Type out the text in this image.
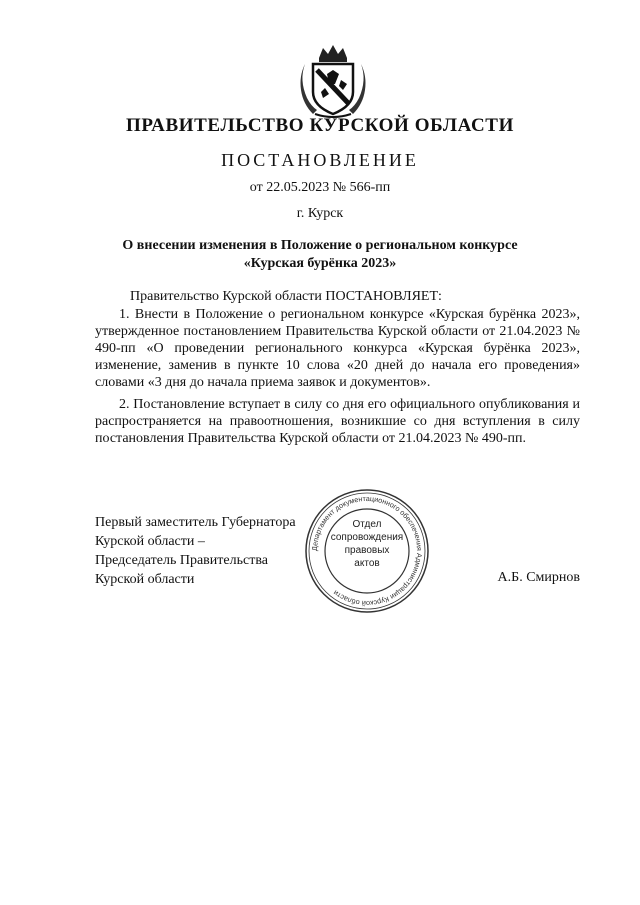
ПРАВИТЕЛЬСТВО КУРСКОЙ ОБЛАСТИ
ПОСТАНОВЛЕНИЕ
от 22.05.2023 № 566-пп
г. Курск
О внесении изменения в Положение о региональном конкурсе
«Курская бурёнка 2023»
Правительство Курской области ПОСТАНОВЛЯЕТ:
1. Внести в Положение о региональном конкурсе «Курская бурёнка 2023», утвержденное постановлением Правительства Курской области от 21.04.2023 № 490-пп «О проведении регионального конкурса «Курская бурёнка 2023», изменение, заменив в пункте 10 слова «20 дней до начала его проведения» словами «3 дня до начала приема заявок и документов».
2. Постановление вступает в силу со дня его официального опубликования и распространяется на правоотношения, возникшие со дня вступления в силу постановления Правительства Курской области от 21.04.2023 № 490-пп.
Первый заместитель Губернатора
Курской области –
Председатель Правительства
Курской области
Департамент документационного обеспечения Администрации Курской области
Отдел
сопровождения
правовых
актов
А.Б. Смирнов
